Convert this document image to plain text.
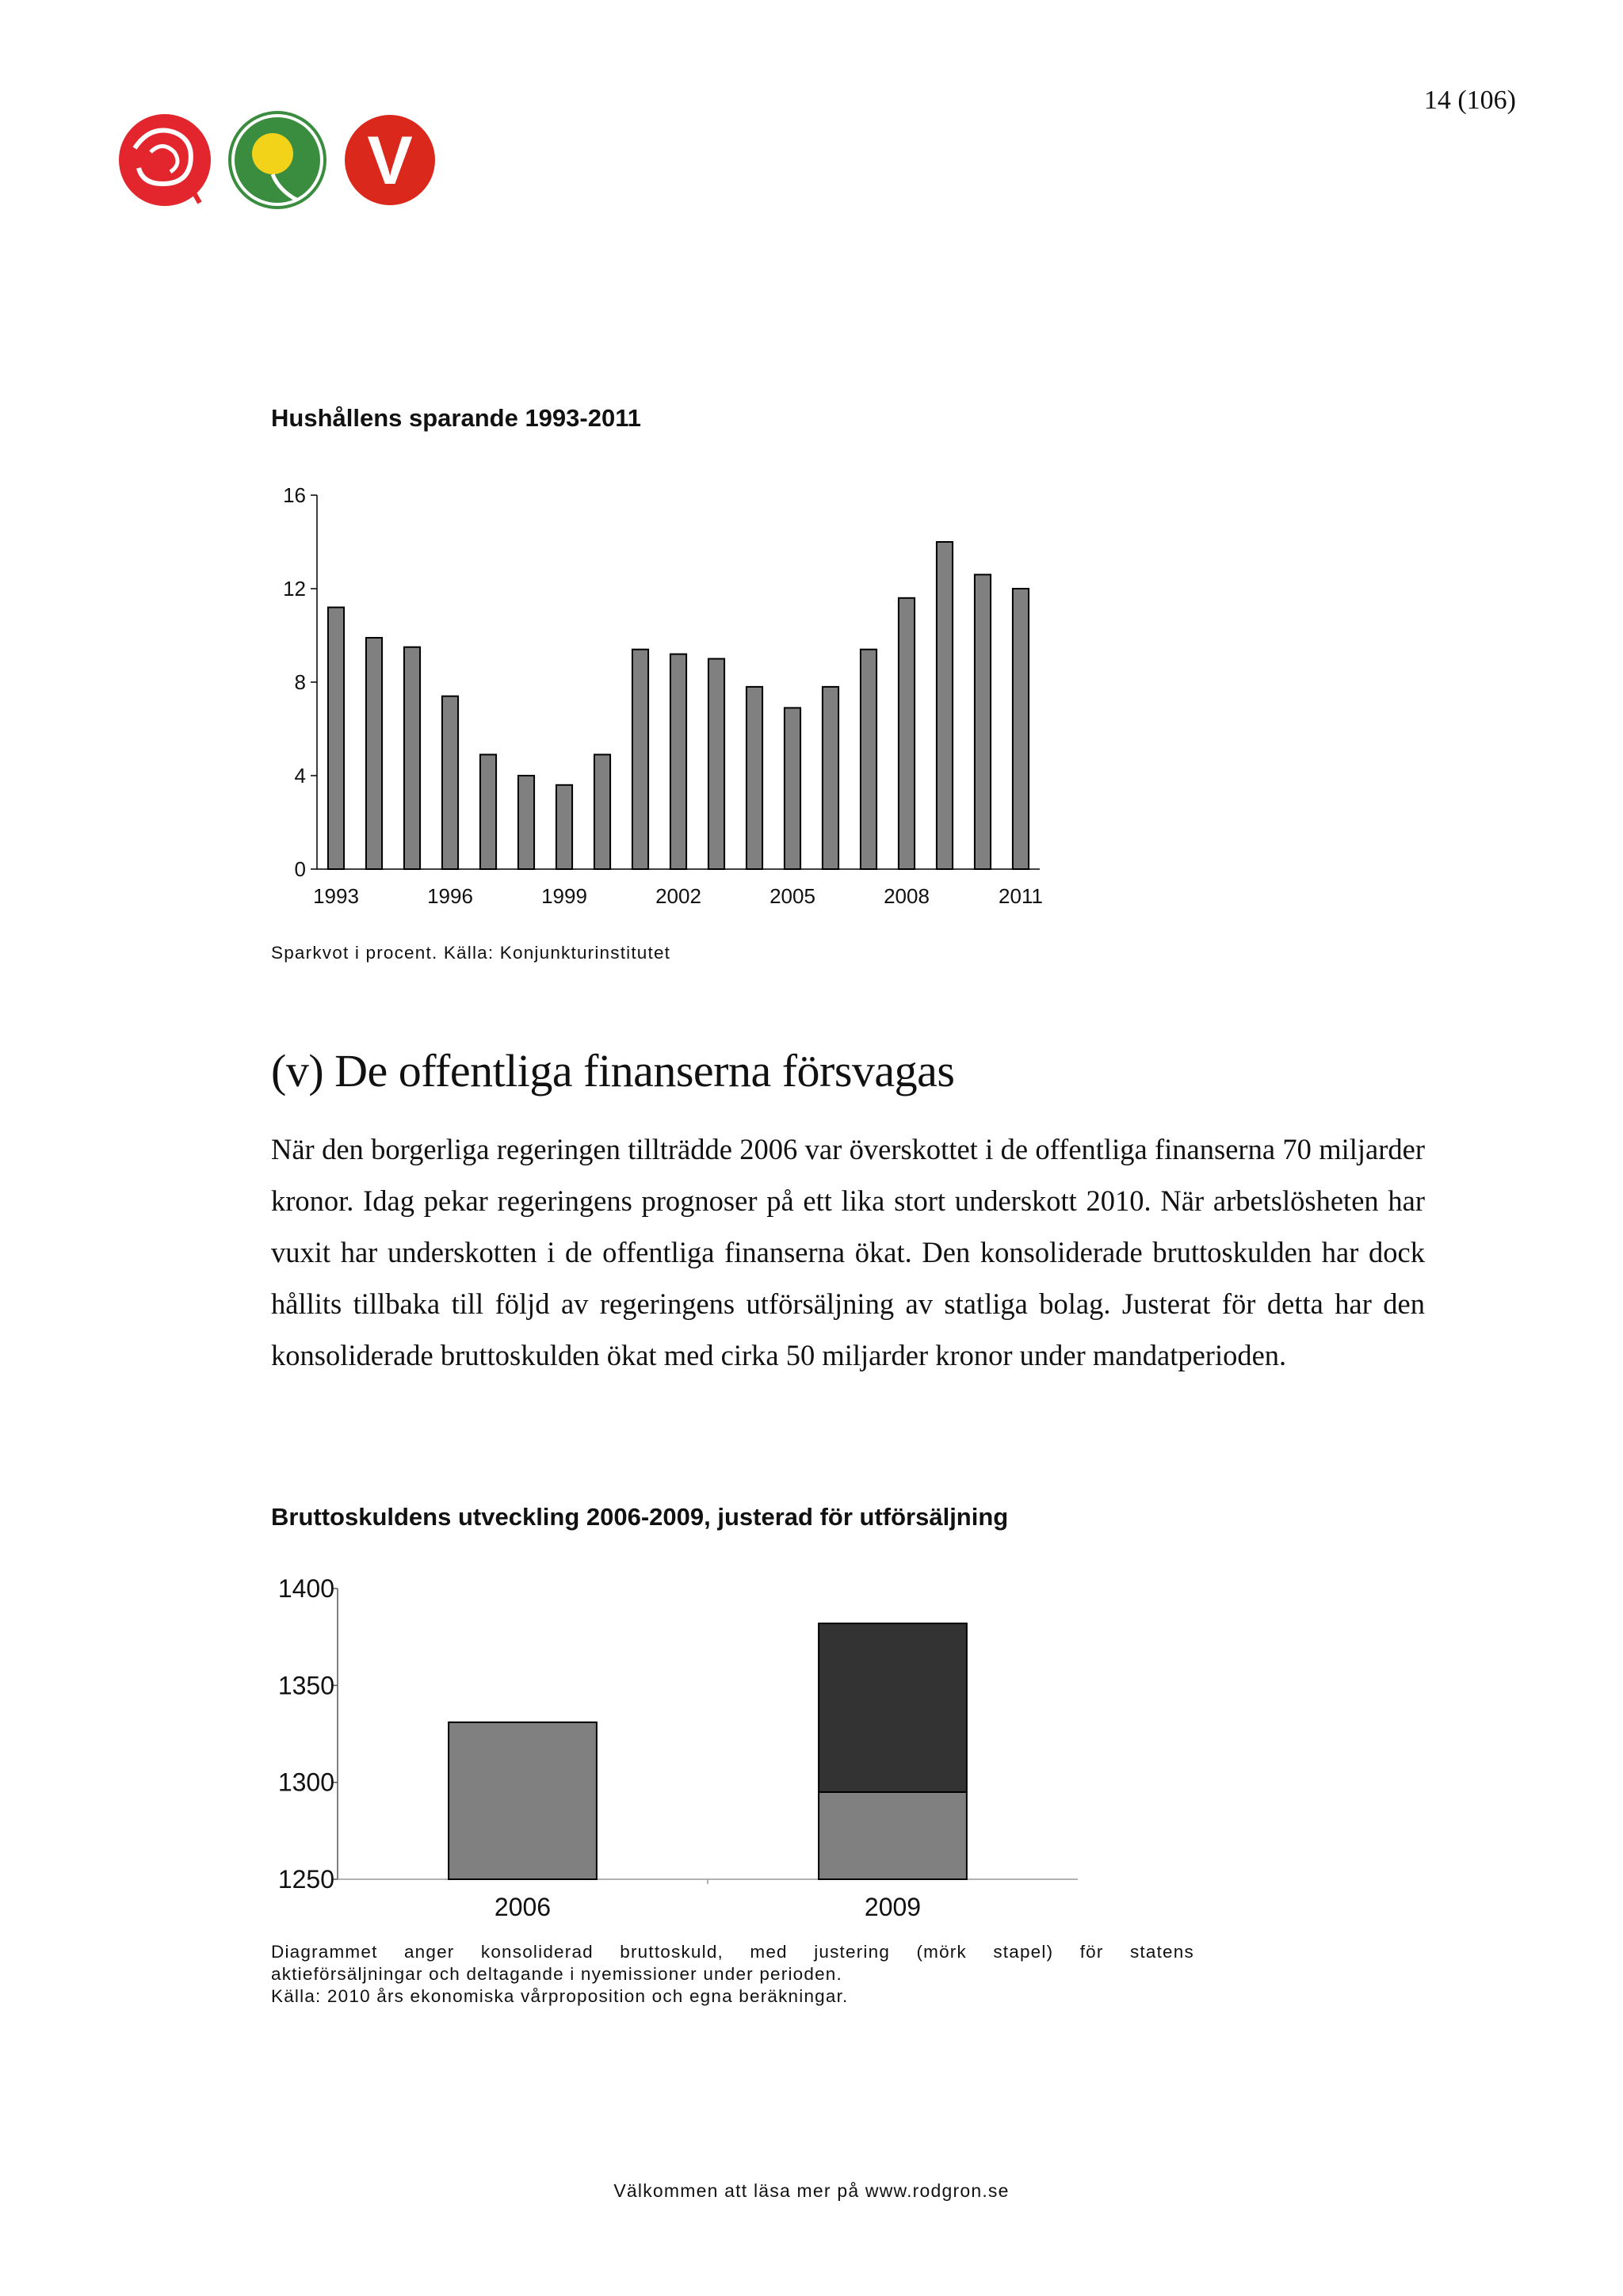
14 (106)
V
Hushållens sparande 1993-2011
0
4
8
12
16
1993	1996	1999	2002	2005	2008	2011
Sparkvot i procent. Källa: Konjunkturinstitutet
(v) De offentliga finanserna försvagas

När den borgerliga regeringen tillträdde 2006 var överskottet i de offentliga finanserna 70 miljarder kronor. Idag pekar regeringens prognoser på ett lika stort underskott 2010. När arbetslösheten har vuxit har underskotten i de offentliga finanserna ökat. Den konsoliderade bruttoskulden har dock hållits tillbaka till följd av regeringens utförsäljning av statliga bolag. Justerat för detta har den konsoliderade bruttoskulden ökat med cirka 50 miljarder kronor under mandatperioden.

Bruttoskuldens utveckling 2006-2009, justerad för utförsäljning
1250
1300
1350
1400
2006	2009
Diagrammet anger konsoliderad bruttoskuld, med justering (mörk stapel) för statens
aktieförsäljningar och deltagande i nyemissioner under perioden.
Källa: 2010 års ekonomiska vårproposition och egna beräkningar.
Välkommen att läsa mer på www.rodgron.se
